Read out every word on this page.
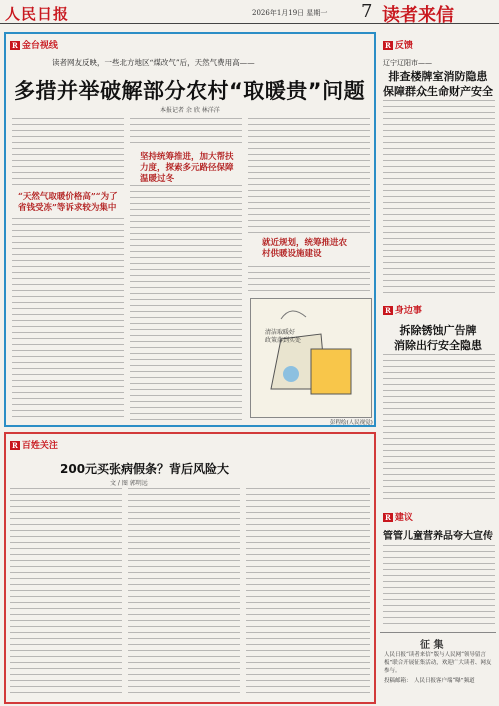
人民日报	2026年1月19日 星期一 7 读者来信
R 金台视线
读者网友反映，一些北方地区“煤改气”后，天然气费用高——
多措并举破解部分农村“取暖贵”问题
本报记者 余 欣 林洋洋
“天然气取暖价格高”“为了省钱受冻”等诉求较为集中
坚持统筹推进，加大帮扶力度，探索多元路径保障温暖过冬
就近规划，统筹推进农村供暖设施建设
清洁取暖好
政策落到实处
彭程绘(人民视觉)
R 百姓关注
200元买张病假条？背后风险大
文 / 图 郭明远
R 反馈
辽宁辽阳市——
排查楼牌室消防隐患
保障群众生命财产安全
R 身边事
拆除锈蚀广告牌
消除出行安全隐患
R 建议
管管儿童营养品夸大宣传
征 集
人民日报“读者来信”版与人民网“领导留言板”联合开展征集活动，欢迎广大读者、网友参与。
投稿邮箱： 人民日报客户端“曝”频道
